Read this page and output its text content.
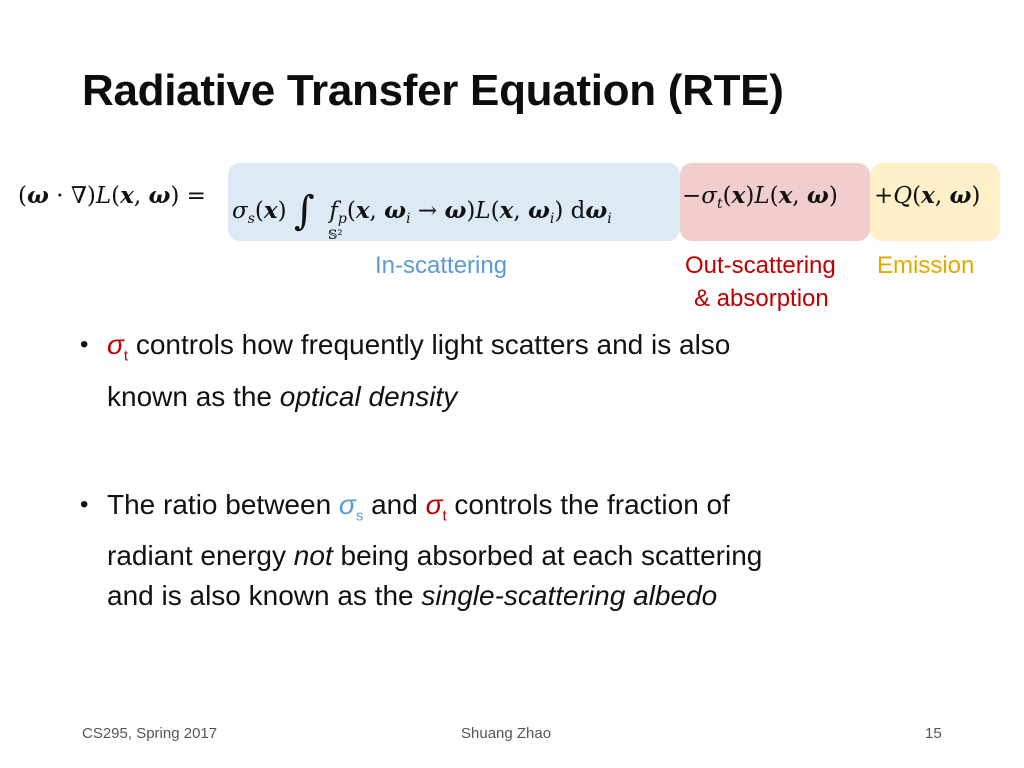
Radiative Transfer Equation (RTE)
(ω · ∇)L(x, ω) =
$\sigma_s(x)$ ∫
𝕊²
$f_p(x$, $\omega_i \to \omega)L(x$, $\omega_i$) $d\omega_i$
$-\sigma_t(x)L(x$, ω) +Q(x, ω)
In-scattering	Out-scattering
& absorption
Emission
• $\sigma_t$ controls how frequently light scatters and is also
known as the optical density
• The ratio between $\sigma_s$ and $\sigma_t$ controls the fraction of
radiant energy not being absorbed at each scattering
and is also known as the single-scattering albedo
CS295, Spring 2017	Shuang Zhao	15
